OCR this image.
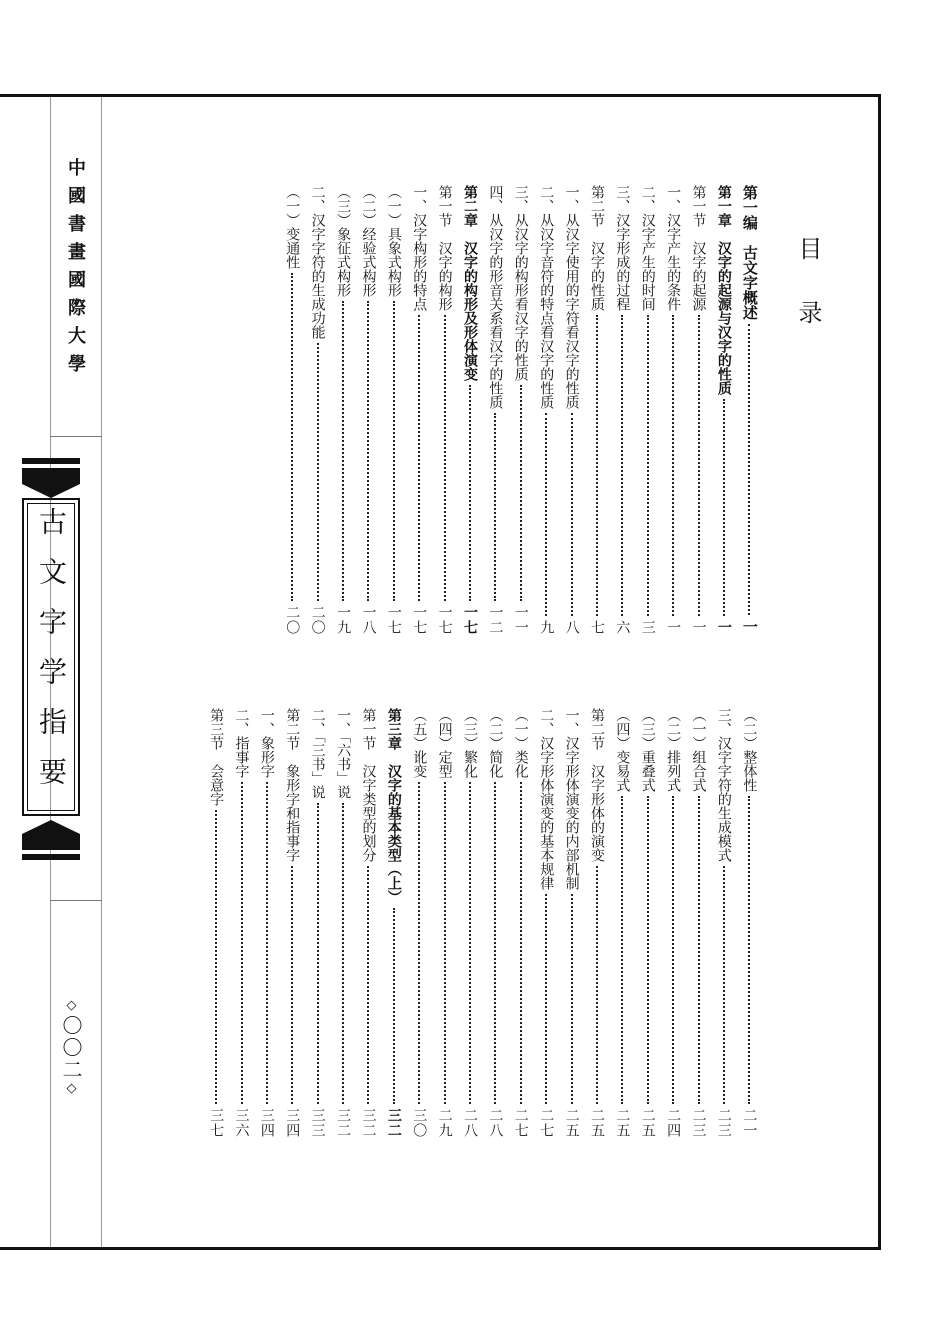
中國書畫國際大學
古文字学指要
◇〇〇二◇
目录
第一编　古文字概述
一
第一章　汉字的起源与汉字的性质
一
第一节　汉字的起源
一
一、汉字产生的条件
一
二、汉字产生的时间
三
三、汉字形成的过程
六
第二节　汉字的性质
七
一、从汉字使用的字符看汉字的性质
八
二、从汉字音符的特点看汉字的性质
九
三、从汉字的构形看汉字的性质
一一
四、从汉字的形音关系看汉字的性质
一二
第二章　汉字的构形及形体演变
一七
第一节　汉字的构形
一七
一、汉字构形的特点
一七
（一）具象式构形
一七
（二）经验式构形
一八
（三）象征式构形
一九
二、汉字字符的生成功能
二〇
（一）变通性
二〇
（二）整体性
二一
三、汉字字符的生成模式
二三
（一）组合式
二三
（二）排列式
二四
（三）重叠式
二五
（四）变易式
二五
第二节　汉字形体的演变
二五
一、汉字形体演变的内部机制
二五
二、汉字形体演变的基本规律
二七
（一）类化
二七
（二）简化
二八
（三）繁化
二八
（四）定型
二九
（五）讹变
三〇
第三章　汉字的基本类型（上）
三二
第一节　汉字类型的划分
三二
一、「六书」说
三二
二、「三书」说
三三
第二节　象形字和指事字
三四
一、象形字
三四
二、指事字
三六
第三节　会意字
三七
